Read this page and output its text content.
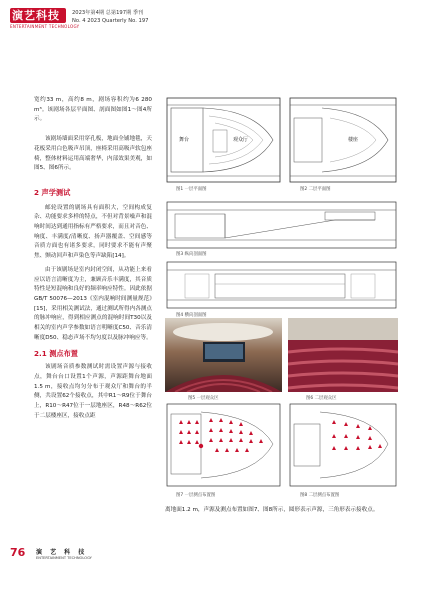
演艺科技
ENTERTAINMENT TECHNOLOGY
2023年第4期 总第197期 季刊
No. 4 2023 Quarterly No. 197

宽约33 m，高约8 m，剧场容积约为6 280 m³。该剧场各层平面图、剖面图如图1～图4所示。

该剧场墙面采用穿孔板，地面全铺地毯，天花板采用白色吸声吊顶，座椅采用高吸声软包座椅，整体材料运用高端奢华，内部效果美观，如图5、图6所示。

2 声学测试

邮轮设置的剧场具有面积大，空间构成复杂、功能要求多样的特点，不但对背景噪声和混响时间达到通用指标有严格要求，而且对音色、响度、丰满度/清晰度、扬声器覆盖、空间感等音质方面也有诸多要求，同时要求不能有声聚焦、颤动回声和声染色等声缺陷[14]。

由于该剧场是室内封闭空间，从功能上来看应以语言清晰度为主，兼顾音乐丰满度，其音质特性是短混响和良好的频率响应特性。因此依据GB/T 50076—2013《室内混响时间测量规范》[15]，采用相关测试法，通过测试所得内各测点的脉冲响应，得到相应测点的混响时间T30以及相关的室内声学参数如语言明晰度C50、音乐清晰度D50、稳态声场不均匀度以及脉冲响应等。

2.1 测点布置

该剧场音质参数测试时需设置声源与接收点，舞台台口设置1个声源，声源距舞台地面1.5 m，接收点均匀分布于观众厅和舞台的半侧，共设置62个接收点，其中R1～R9位于舞台上，R10～R47位于一层地座区，R48～R62位于二层楼座区，接收点距

舞台	观众厅
图1 一层平面图
楼座
图2 二层平面图
图3 纵向剖面图
图4 横向剖面图
图5 一层观众区	图6 二层观众区
图7 一层测点布置图	图8 二层测点布置图
离地面1.2 m，声源及测点布置如图7、图8所示，圆形表示声源，三角形表示接收点。
76 演 艺 科 技
ENTERTAINMENT TECHNOLOGY
